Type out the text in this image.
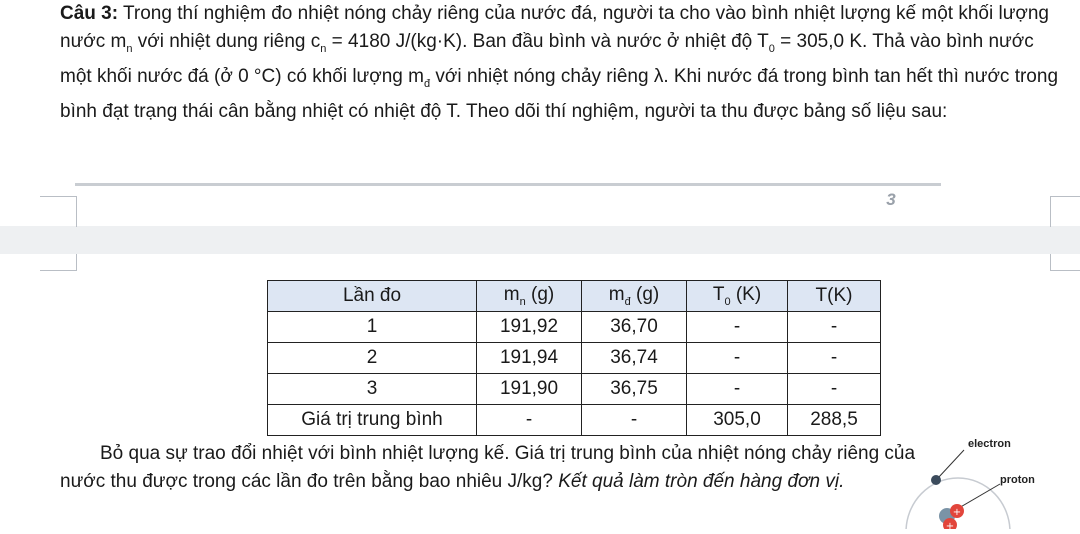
Câu 3: Trong thí nghiệm đo nhiệt nóng chảy riêng của nước đá, người ta cho vào bình nhiệt lượng kế một khối lượng nước $m_n$ với nhiệt dung riêng $c_n = 4180$ J/(kg·K). Ban đầu bình và nước ở nhiệt độ $T_0 = 305,0$ K. Thả vào bình nước một khối nước đá (ở 0 °C) có khối lượng $m_đ$ với nhiệt nóng chảy riêng λ. Khi nước đá trong bình tan hết thì nước trong bình đạt trạng thái cân bằng nhiệt có nhiệt độ T. Theo dõi thí nghiệm, người ta thu được bảng số liệu sau:
3
Lần đo	$m_n$ (g)	$m_đ$ (g)	$T_0$ (K)	T(K)
1	191,92	36,70	-	-
2	191,94	36,74	-	-
3	191,90	36,75	-	-
Giá trị trung bình	-	-	305,0	288,5
Bỏ qua sự trao đổi nhiệt với bình nhiệt lượng kế. Giá trị trung bình của nhiệt nóng chảy riêng của nước thu được trong các lần đo trên bằng bao nhiêu J/kg? Kết quả làm tròn đến hàng đơn vị.
+
+
electron
proton
